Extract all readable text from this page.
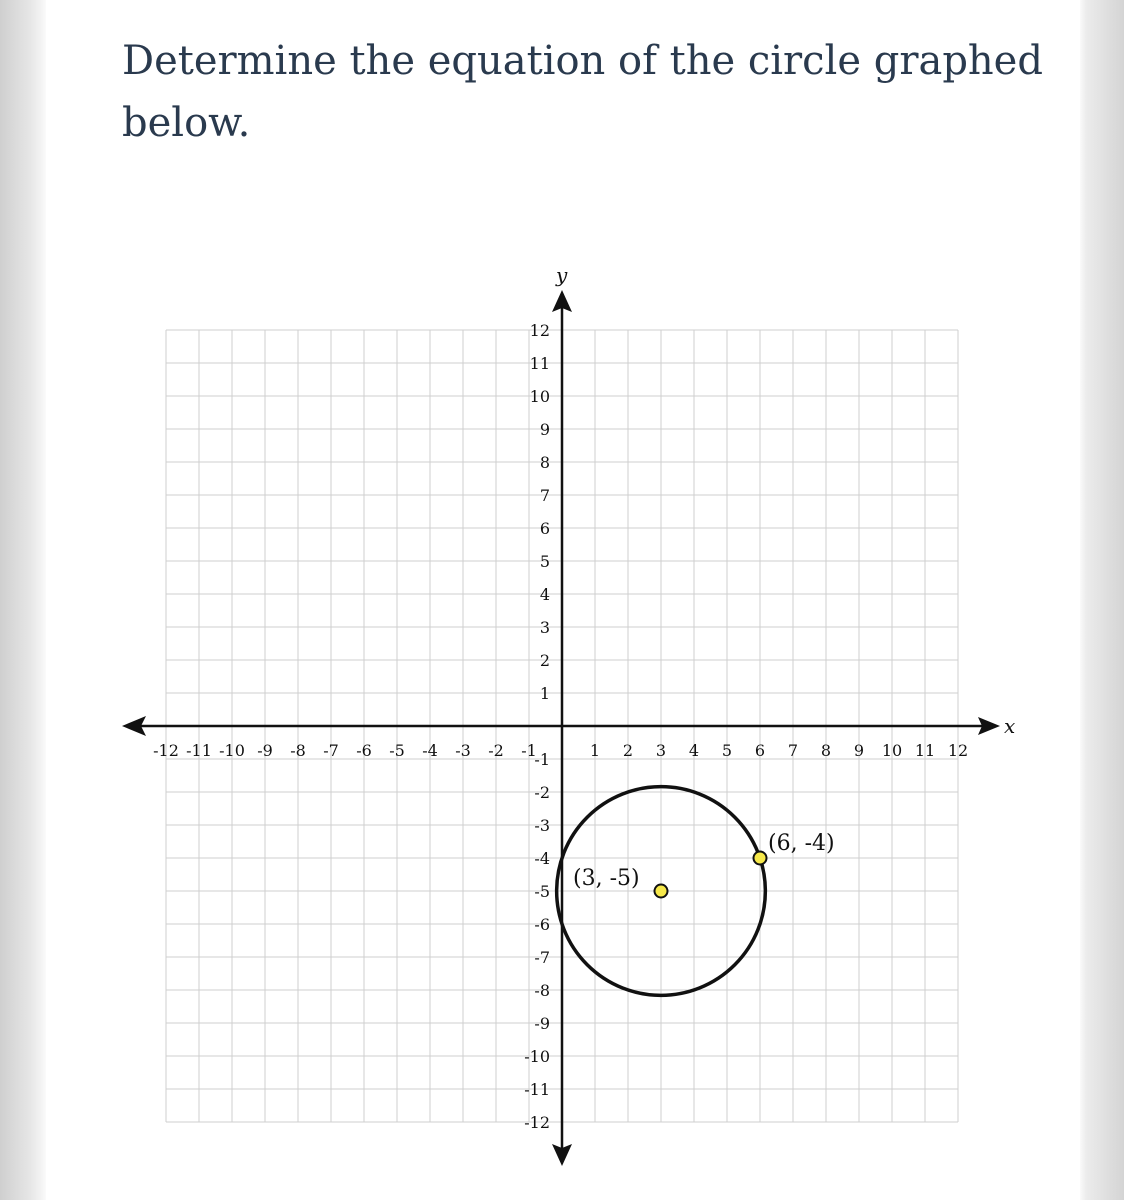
Determine the equation of the circle graphed below.

x
y
-12 -11 -10 -9 -8 -7 -6 -5 -4 -3 -2 -1	1 2 3 4 5 6 7 8 9 10 11 12
12
11
10
9
8
7
6
5
4
3
2
1
-1
-2
-3
-4
-5
-6
-7
-8
-9
-10
-11
-12
(3, -5)
(6, -4)
